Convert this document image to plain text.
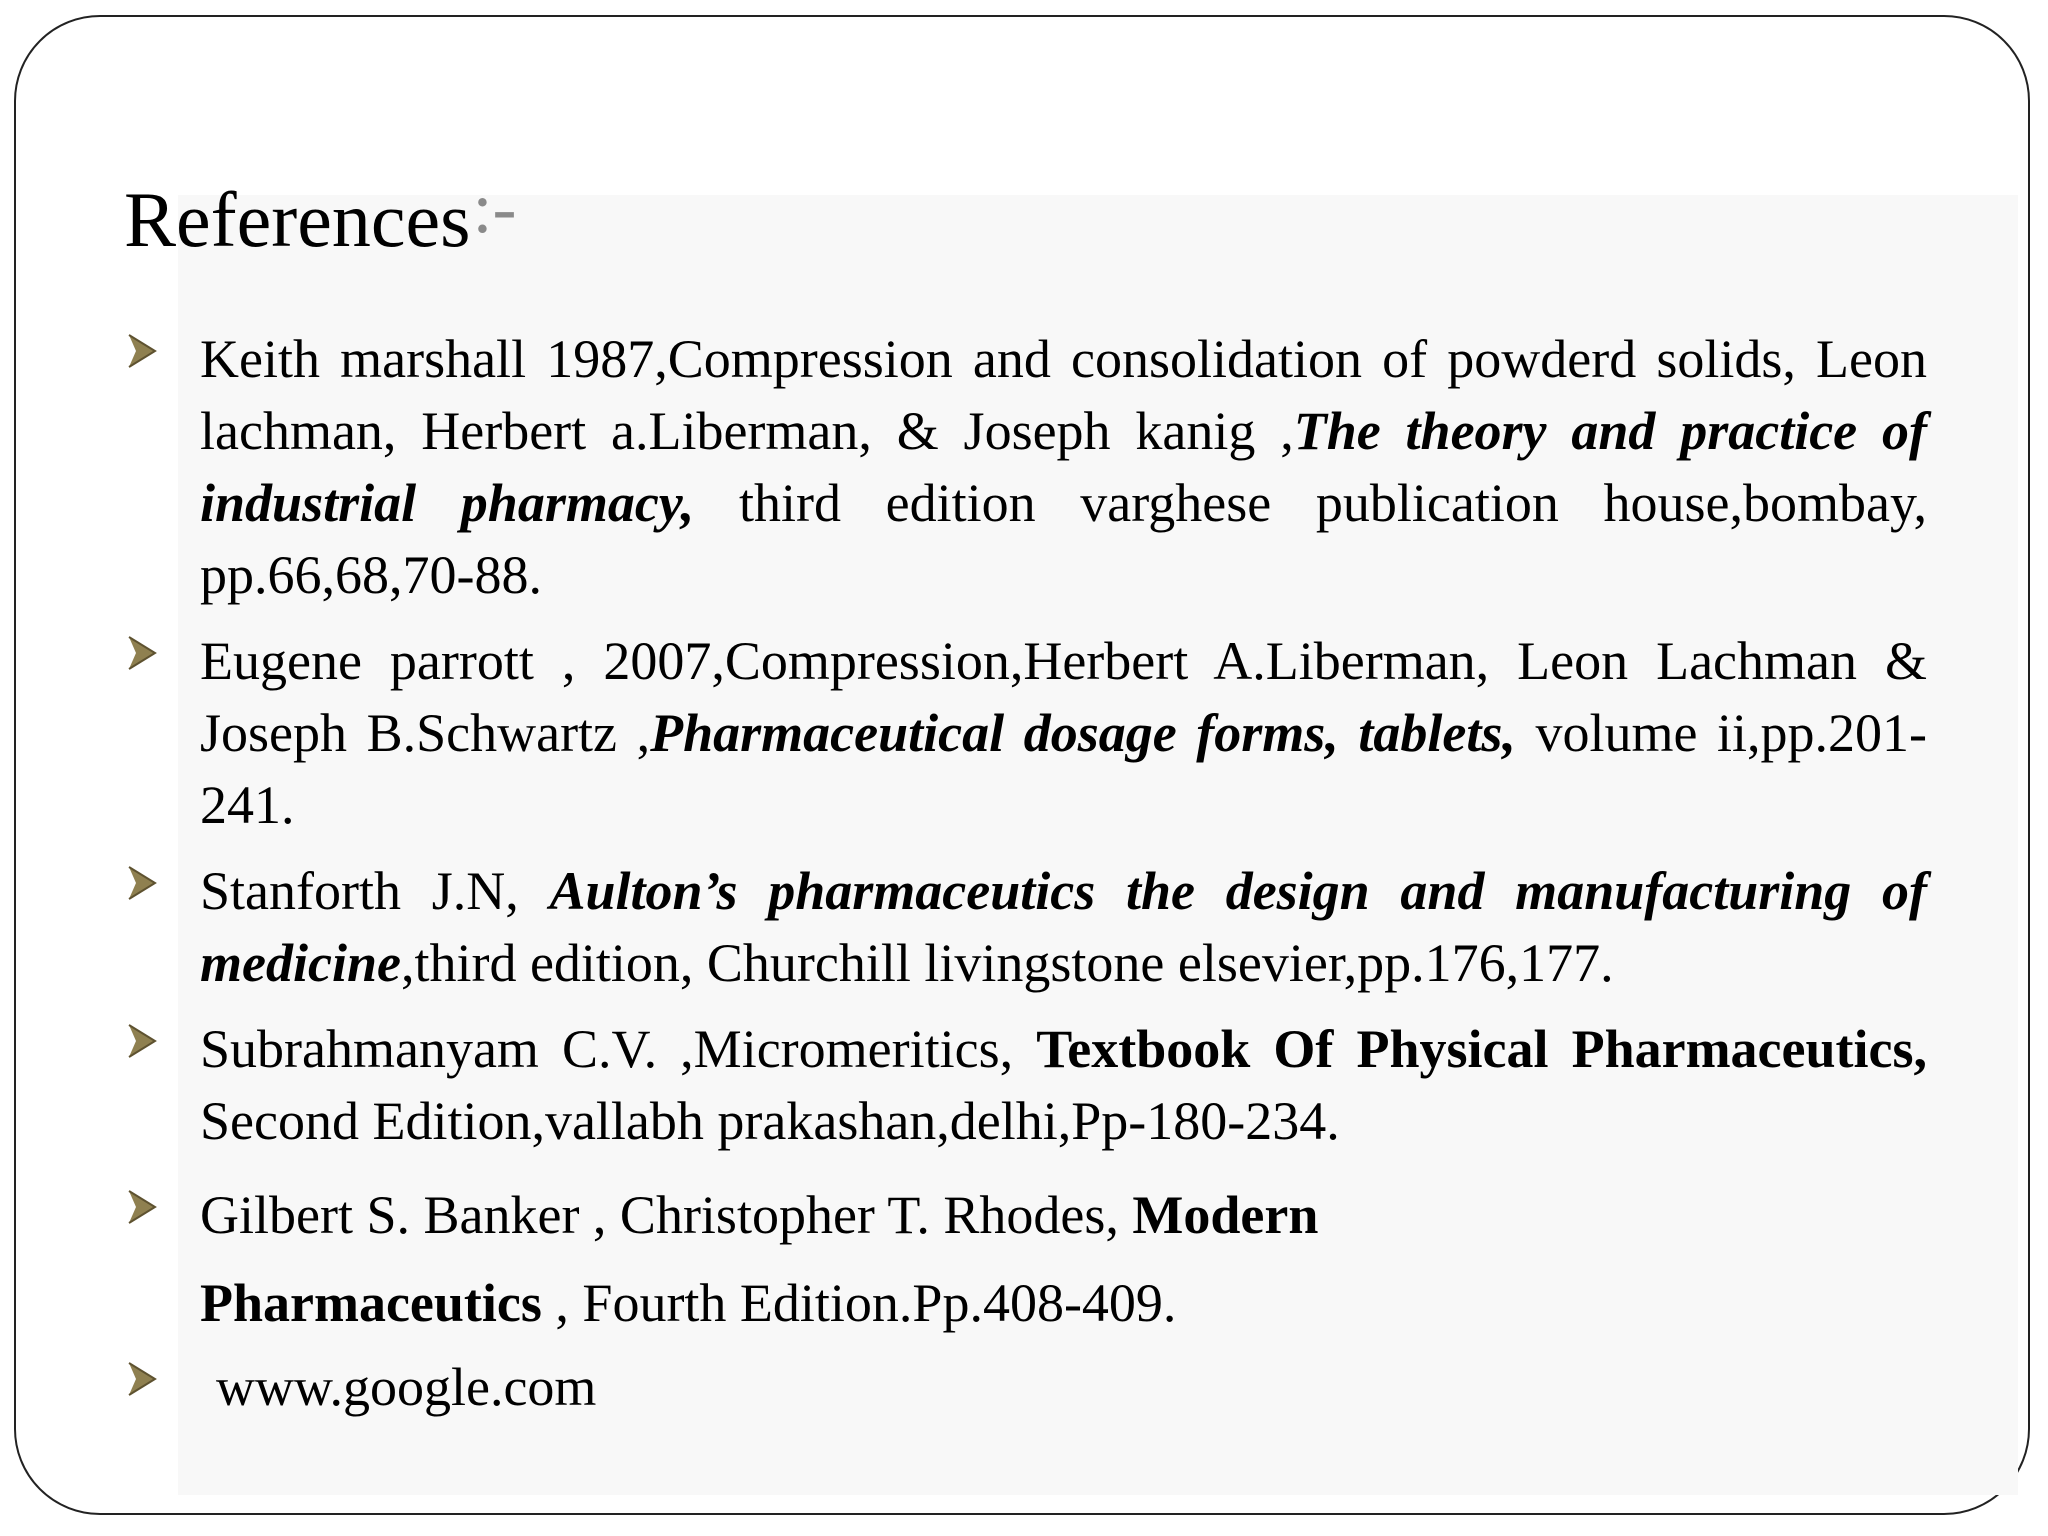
References:-
Keith marshall 1987,Compression and consolidation of powderd solids, Leon lachman, Herbert a.Liberman, & Joseph kanig ,The theory and practice of industrial pharmacy, third edition varghese publication house,bombay, pp.66,68,70-88.
Eugene parrott , 2007,Compression,Herbert A.Liberman, Leon Lachman & Joseph B.Schwartz ,Pharmaceutical dosage forms, tablets, volume ii,pp.201-241.
Stanforth J.N, Aulton’s pharmaceutics the design and manufacturing of medicine,third edition, Churchill livingstone elsevier,pp.176,177.
Subrahmanyam C.V. ,Micromeritics, Textbook Of Physical Pharmaceutics, Second Edition,vallabh prakashan,delhi,Pp-180-234.
Gilbert S. Banker , Christopher T. Rhodes, Modern
Pharmaceutics , Fourth Edition.Pp.408-409.
www.google.com
